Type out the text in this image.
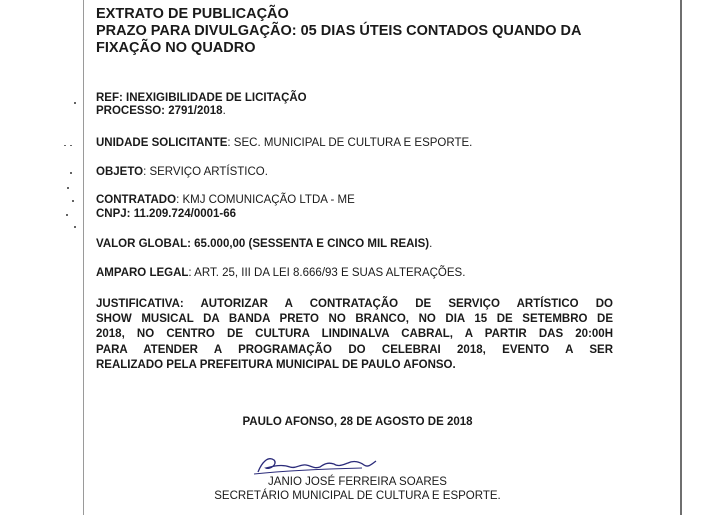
EXTRATO DE PUBLICAÇÃO
PRAZO PARA DIVULGAÇÃO: 05 DIAS ÚTEIS CONTADOS QUANDO DA
FIXAÇÃO NO QUADRO
REF: INEXIGIBILIDADE DE LICITAÇÃO
PROCESSO: 2791/2018.
UNIDADE SOLICITANTE: SEC. MUNICIPAL DE CULTURA E ESPORTE.
OBJETO: SERVIÇO ARTÍSTICO.
CONTRATADO: KMJ COMUNICAÇÃO LTDA - ME
CNPJ: 11.209.724/0001-66
VALOR GLOBAL: 65.000,00 (SESSENTA E CINCO MIL REAIS).
AMPARO LEGAL: ART. 25, III DA LEI 8.666/93 E SUAS ALTERAÇÕES.
JUSTIFICATIVA: AUTORIZAR A CONTRATAÇÃO DE SERVIÇO ARTÍSTICO DO
SHOW MUSICAL DA BANDA PRETO NO BRANCO, NO DIA 15 DE SETEMBRO DE
2018, NO CENTRO DE CULTURA LINDINALVA CABRAL, A PARTIR DAS 20:00H
PARA ATENDER A PROGRAMAÇÃO DO CELEBRAI 2018, EVENTO A SER
REALIZADO PELA PREFEITURA MUNICIPAL DE PAULO AFONSO.
PAULO AFONSO, 28 DE AGOSTO DE 2018
JANIO JOSÉ FERREIRA SOARES
SECRETÁRIO MUNICIPAL DE CULTURA E ESPORTE.
